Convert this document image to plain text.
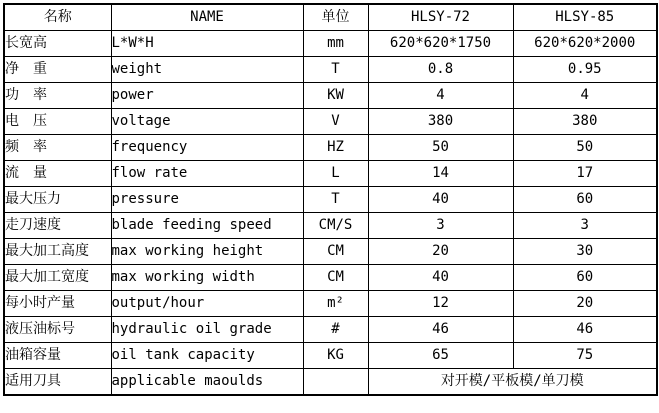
名称	NAME	单位	HLSY-72	HLSY-85
长宽高	L*W*H	mm	620*620*1750	620*620*2000
净　重	weight	T	0.8	0.95
功　率	power	KW	4	4
电　压	voltage	V	380	380
频　率	frequency	HZ	50	50
流　量	flow rate	L	14	17
最大压力	pressure	T	40	60
走刀速度	blade feeding speed	CM/S	3	3
最大加工高度	max working height	CM	20	30
最大加工宽度	max working width	CM	40	60
每小时产量	output/hour	m²	12	20
液压油标号	hydraulic oil grade	#	46	46
油箱容量	oil tank capacity	KG	65	75
适用刀具	applicable maoulds		对开模/平板模/单刀模	
